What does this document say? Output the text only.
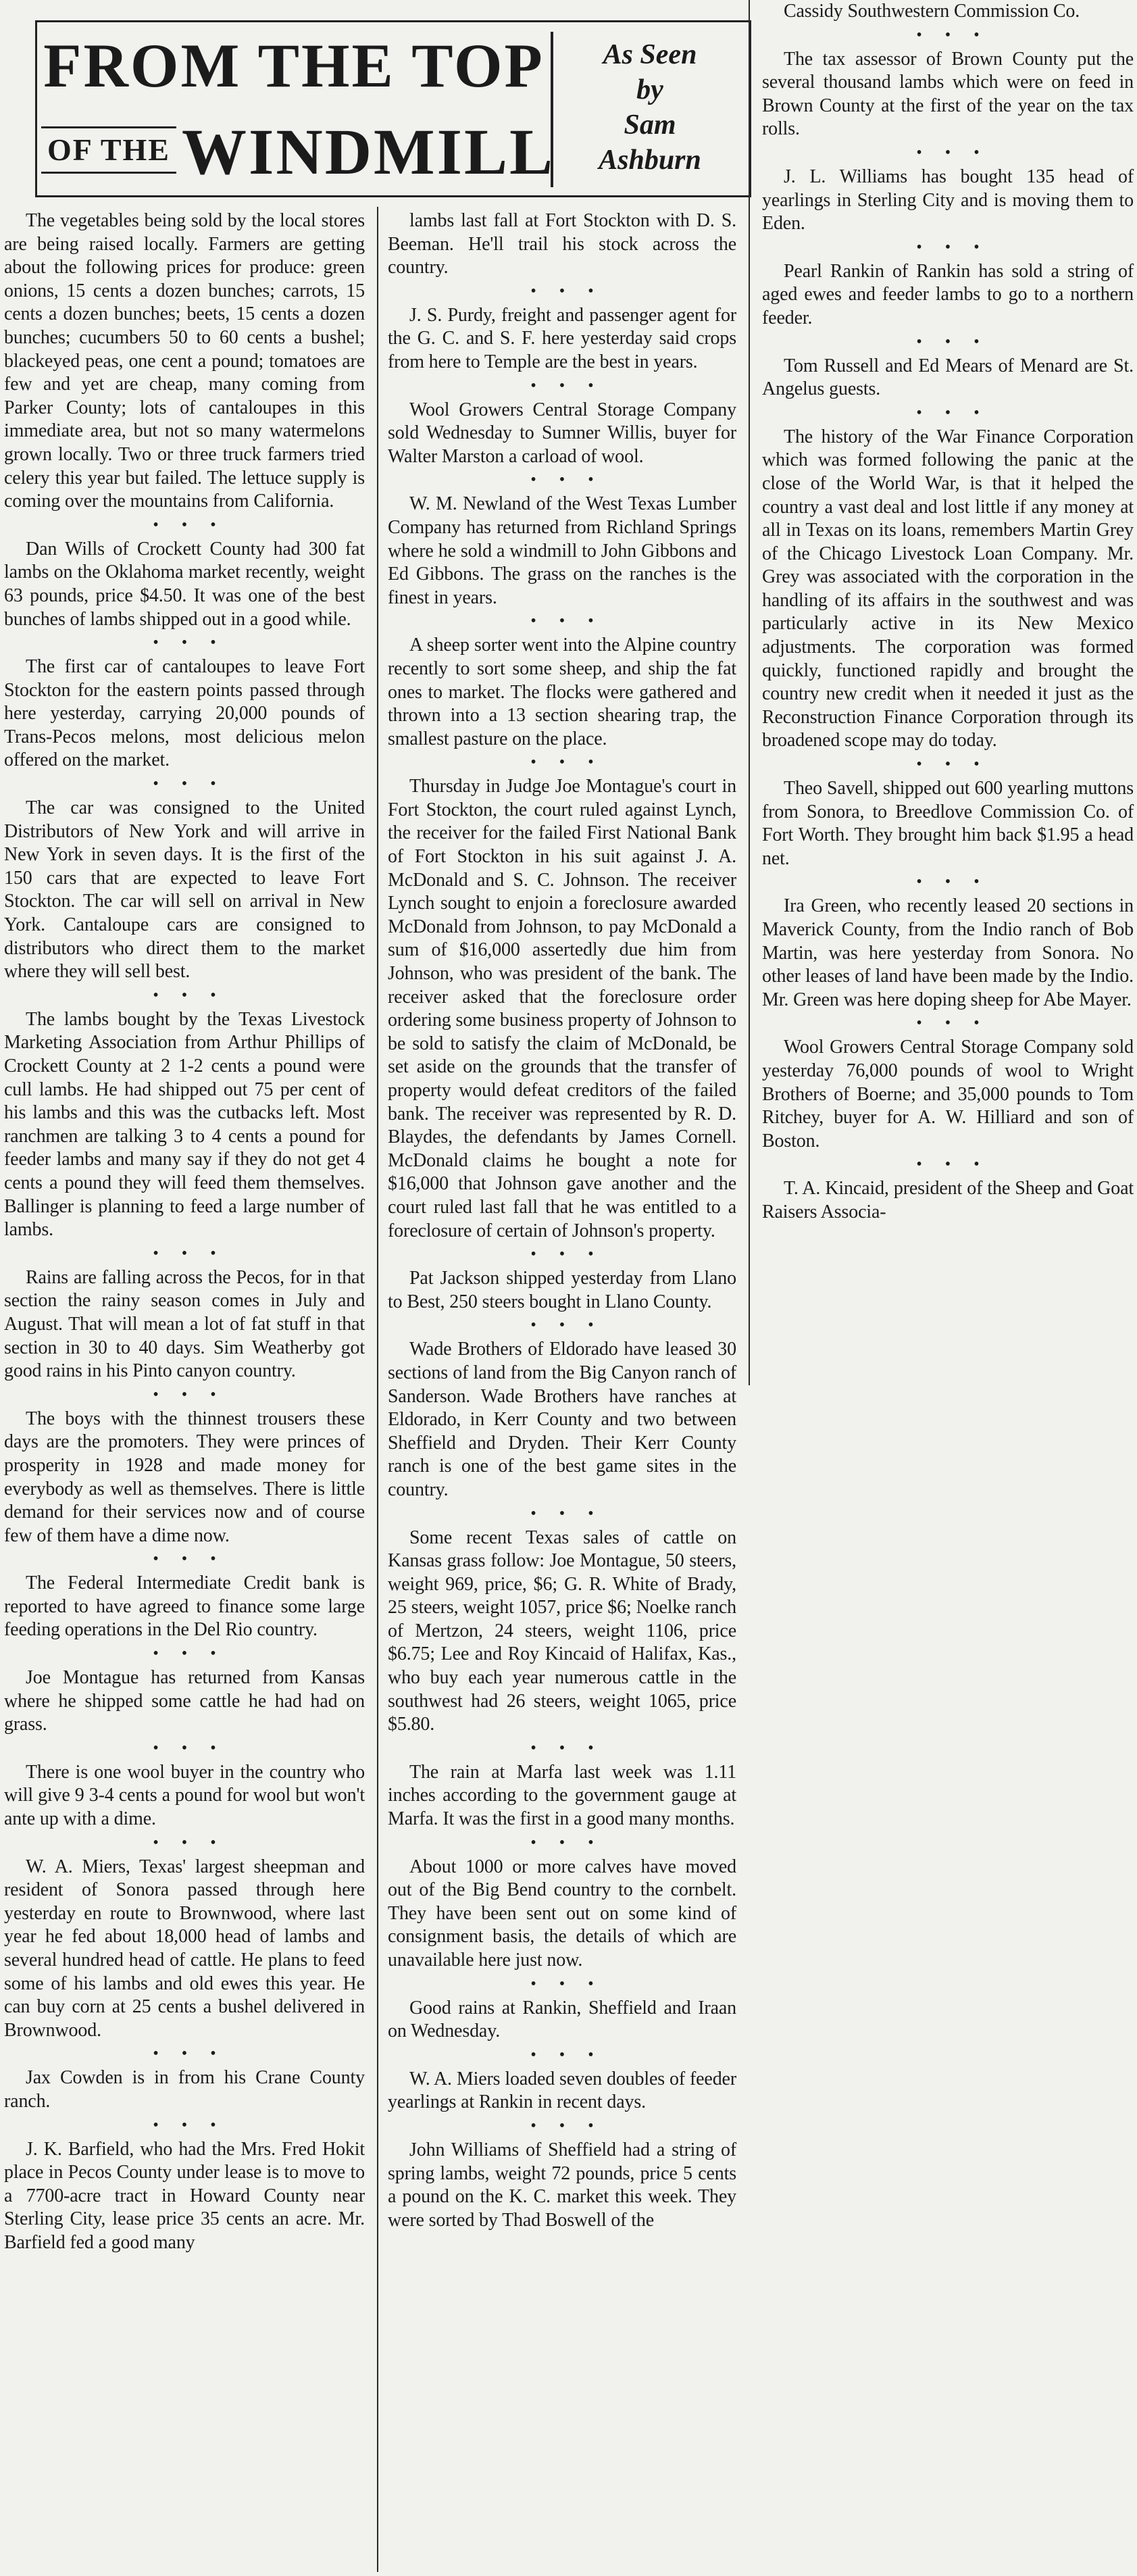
FROM THE TOP
OF THE WINDMILL
As Seen
by
Sam
Ashburn

The vegetables being sold by the local stores are being raised locally. Farmers are getting about the following prices for produce: green onions, 15 cents a dozen bunches; carrots, 15 cents a dozen bunches; beets, 15 cents a dozen bunches; cucumbers 50 to 60 cents a bushel; blackeyed peas, one cent a pound; tomatoes are few and yet are cheap, many coming from Parker County; lots of cantaloupes in this immediate area, but not so many watermelons grown locally. Two or three truck farmers tried celery this year but failed. The lettuce supply is coming over the mountains from California.

• • •

Dan Wills of Crockett County had 300 fat lambs on the Oklahoma market recently, weight 63 pounds, price $4.50. It was one of the best bunches of lambs shipped out in a good while.

• • •

The first car of cantaloupes to leave Fort Stockton for the eastern points passed through here yesterday, carrying 20,000 pounds of Trans-Pecos melons, most delicious melon offered on the market.

• • •

The car was consigned to the United Distributors of New York and will arrive in New York in seven days. It is the first of the 150 cars that are expected to leave Fort Stockton. The car will sell on arrival in New York. Cantaloupe cars are consigned to distributors who direct them to the market where they will sell best.

• • •

The lambs bought by the Texas Livestock Marketing Association from Arthur Phillips of Crockett County at 2 1-2 cents a pound were cull lambs. He had shipped out 75 per cent of his lambs and this was the cutbacks left. Most ranchmen are talking 3 to 4 cents a pound for feeder lambs and many say if they do not get 4 cents a pound they will feed them themselves. Ballinger is planning to feed a large number of lambs.

• • •

Rains are falling across the Pecos, for in that section the rainy season comes in July and August. That will mean a lot of fat stuff in that section in 30 to 40 days. Sim Weatherby got good rains in his Pinto canyon country.

• • •

The boys with the thinnest trousers these days are the promoters. They were princes of prosperity in 1928 and made money for everybody as well as themselves. There is little demand for their services now and of course few of them have a dime now.

• • •

The Federal Intermediate Credit bank is reported to have agreed to finance some large feeding operations in the Del Rio country.

• • •

Joe Montague has returned from Kansas where he shipped some cattle he had had on grass.

• • •

There is one wool buyer in the country who will give 9 3-4 cents a pound for wool but won't ante up with a dime.

• • •

W. A. Miers, Texas' largest sheepman and resident of Sonora passed through here yesterday en route to Brownwood, where last year he fed about 18,000 head of lambs and several hundred head of cattle. He plans to feed some of his lambs and old ewes this year. He can buy corn at 25 cents a bushel delivered in Brownwood.

• • •

Jax Cowden is in from his Crane County ranch.

• • •

J. K. Barfield, who had the Mrs. Fred Hokit place in Pecos County under lease is to move to a 7700-acre tract in Howard County near Sterling City, lease price 35 cents an acre. Mr. Barfield fed a good many

lambs last fall at Fort Stockton with D. S. Beeman. He'll trail his stock across the country.

• • •

J. S. Purdy, freight and passenger agent for the G. C. and S. F. here yesterday said crops from here to Temple are the best in years.

• • •

Wool Growers Central Storage Company sold Wednesday to Sumner Willis, buyer for Walter Marston a carload of wool.

• • •

W. M. Newland of the West Texas Lumber Company has returned from Richland Springs where he sold a windmill to John Gibbons and Ed Gibbons. The grass on the ranches is the finest in years.

• • •

A sheep sorter went into the Alpine country recently to sort some sheep, and ship the fat ones to market. The flocks were gathered and thrown into a 13 section shearing trap, the smallest pasture on the place.

• • •

Thursday in Judge Joe Montague's court in Fort Stockton, the court ruled against Lynch, the receiver for the failed First National Bank of Fort Stockton in his suit against J. A. McDonald and S. C. Johnson. The receiver Lynch sought to enjoin a foreclosure awarded McDonald from Johnson, to pay McDonald a sum of $16,000 assertedly due him from Johnson, who was president of the bank. The receiver asked that the foreclosure order ordering some business property of Johnson to be sold to satisfy the claim of McDonald, be set aside on the grounds that the transfer of property would defeat creditors of the failed bank. The receiver was represented by R. D. Blaydes, the defendants by James Cornell. McDonald claims he bought a note for $16,000 that Johnson gave another and the court ruled last fall that he was entitled to a foreclosure of certain of Johnson's property.

• • •

Pat Jackson shipped yesterday from Llano to Best, 250 steers bought in Llano County.

• • •

Wade Brothers of Eldorado have leased 30 sections of land from the Big Canyon ranch of Sanderson. Wade Brothers have ranches at Eldorado, in Kerr County and two between Sheffield and Dryden. Their Kerr County ranch is one of the best game sites in the country.

• • •

Some recent Texas sales of cattle on Kansas grass follow: Joe Montague, 50 steers, weight 969, price, $6; G. R. White of Brady, 25 steers, weight 1057, price $6; Noelke ranch of Mertzon, 24 steers, weight 1106, price $6.75; Lee and Roy Kincaid of Halifax, Kas., who buy each year numerous cattle in the southwest had 26 steers, weight 1065, price $5.80.

• • •

The rain at Marfa last week was 1.11 inches according to the government gauge at Marfa. It was the first in a good many months.

• • •

About 1000 or more calves have moved out of the Big Bend country to the cornbelt. They have been sent out on some kind of consignment basis, the details of which are unavailable here just now.

• • •

Good rains at Rankin, Sheffield and Iraan on Wednesday.

• • •

W. A. Miers loaded seven doubles of feeder yearlings at Rankin in recent days.

• • •

John Williams of Sheffield had a string of spring lambs, weight 72 pounds, price 5 cents a pound on the K. C. market this week. They were sorted by Thad Boswell of the

Cassidy Southwestern Commission Co.

• • •

The tax assessor of Brown County put the several thousand lambs which were on feed in Brown County at the first of the year on the tax rolls.

• • •

J. L. Williams has bought 135 head of yearlings in Sterling City and is moving them to Eden.

• • •

Pearl Rankin of Rankin has sold a string of aged ewes and feeder lambs to go to a northern feeder.

• • •

Tom Russell and Ed Mears of Menard are St. Angelus guests.

• • •

The history of the War Finance Corporation which was formed following the panic at the close of the World War, is that it helped the country a vast deal and lost little if any money at all in Texas on its loans, remembers Martin Grey of the Chicago Livestock Loan Company. Mr. Grey was associated with the corporation in the handling of its affairs in the southwest and was particularly active in its New Mexico adjustments. The corporation was formed quickly, functioned rapidly and brought the country new credit when it needed it just as the Reconstruction Finance Corporation through its broadened scope may do today.

• • •

Theo Savell, shipped out 600 yearling muttons from Sonora, to Breedlove Commission Co. of Fort Worth. They brought him back $1.95 a head net.

• • •

Ira Green, who recently leased 20 sections in Maverick County, from the Indio ranch of Bob Martin, was here yesterday from Sonora. No other leases of land have been made by the Indio. Mr. Green was here doping sheep for Abe Mayer.

• • •

Wool Growers Central Storage Company sold yesterday 76,000 pounds of wool to Wright Brothers of Boerne; and 35,000 pounds to Tom Ritchey, buyer for A. W. Hilliard and son of Boston.

• • •

T. A. Kincaid, president of the Sheep and Goat Raisers Associa-
